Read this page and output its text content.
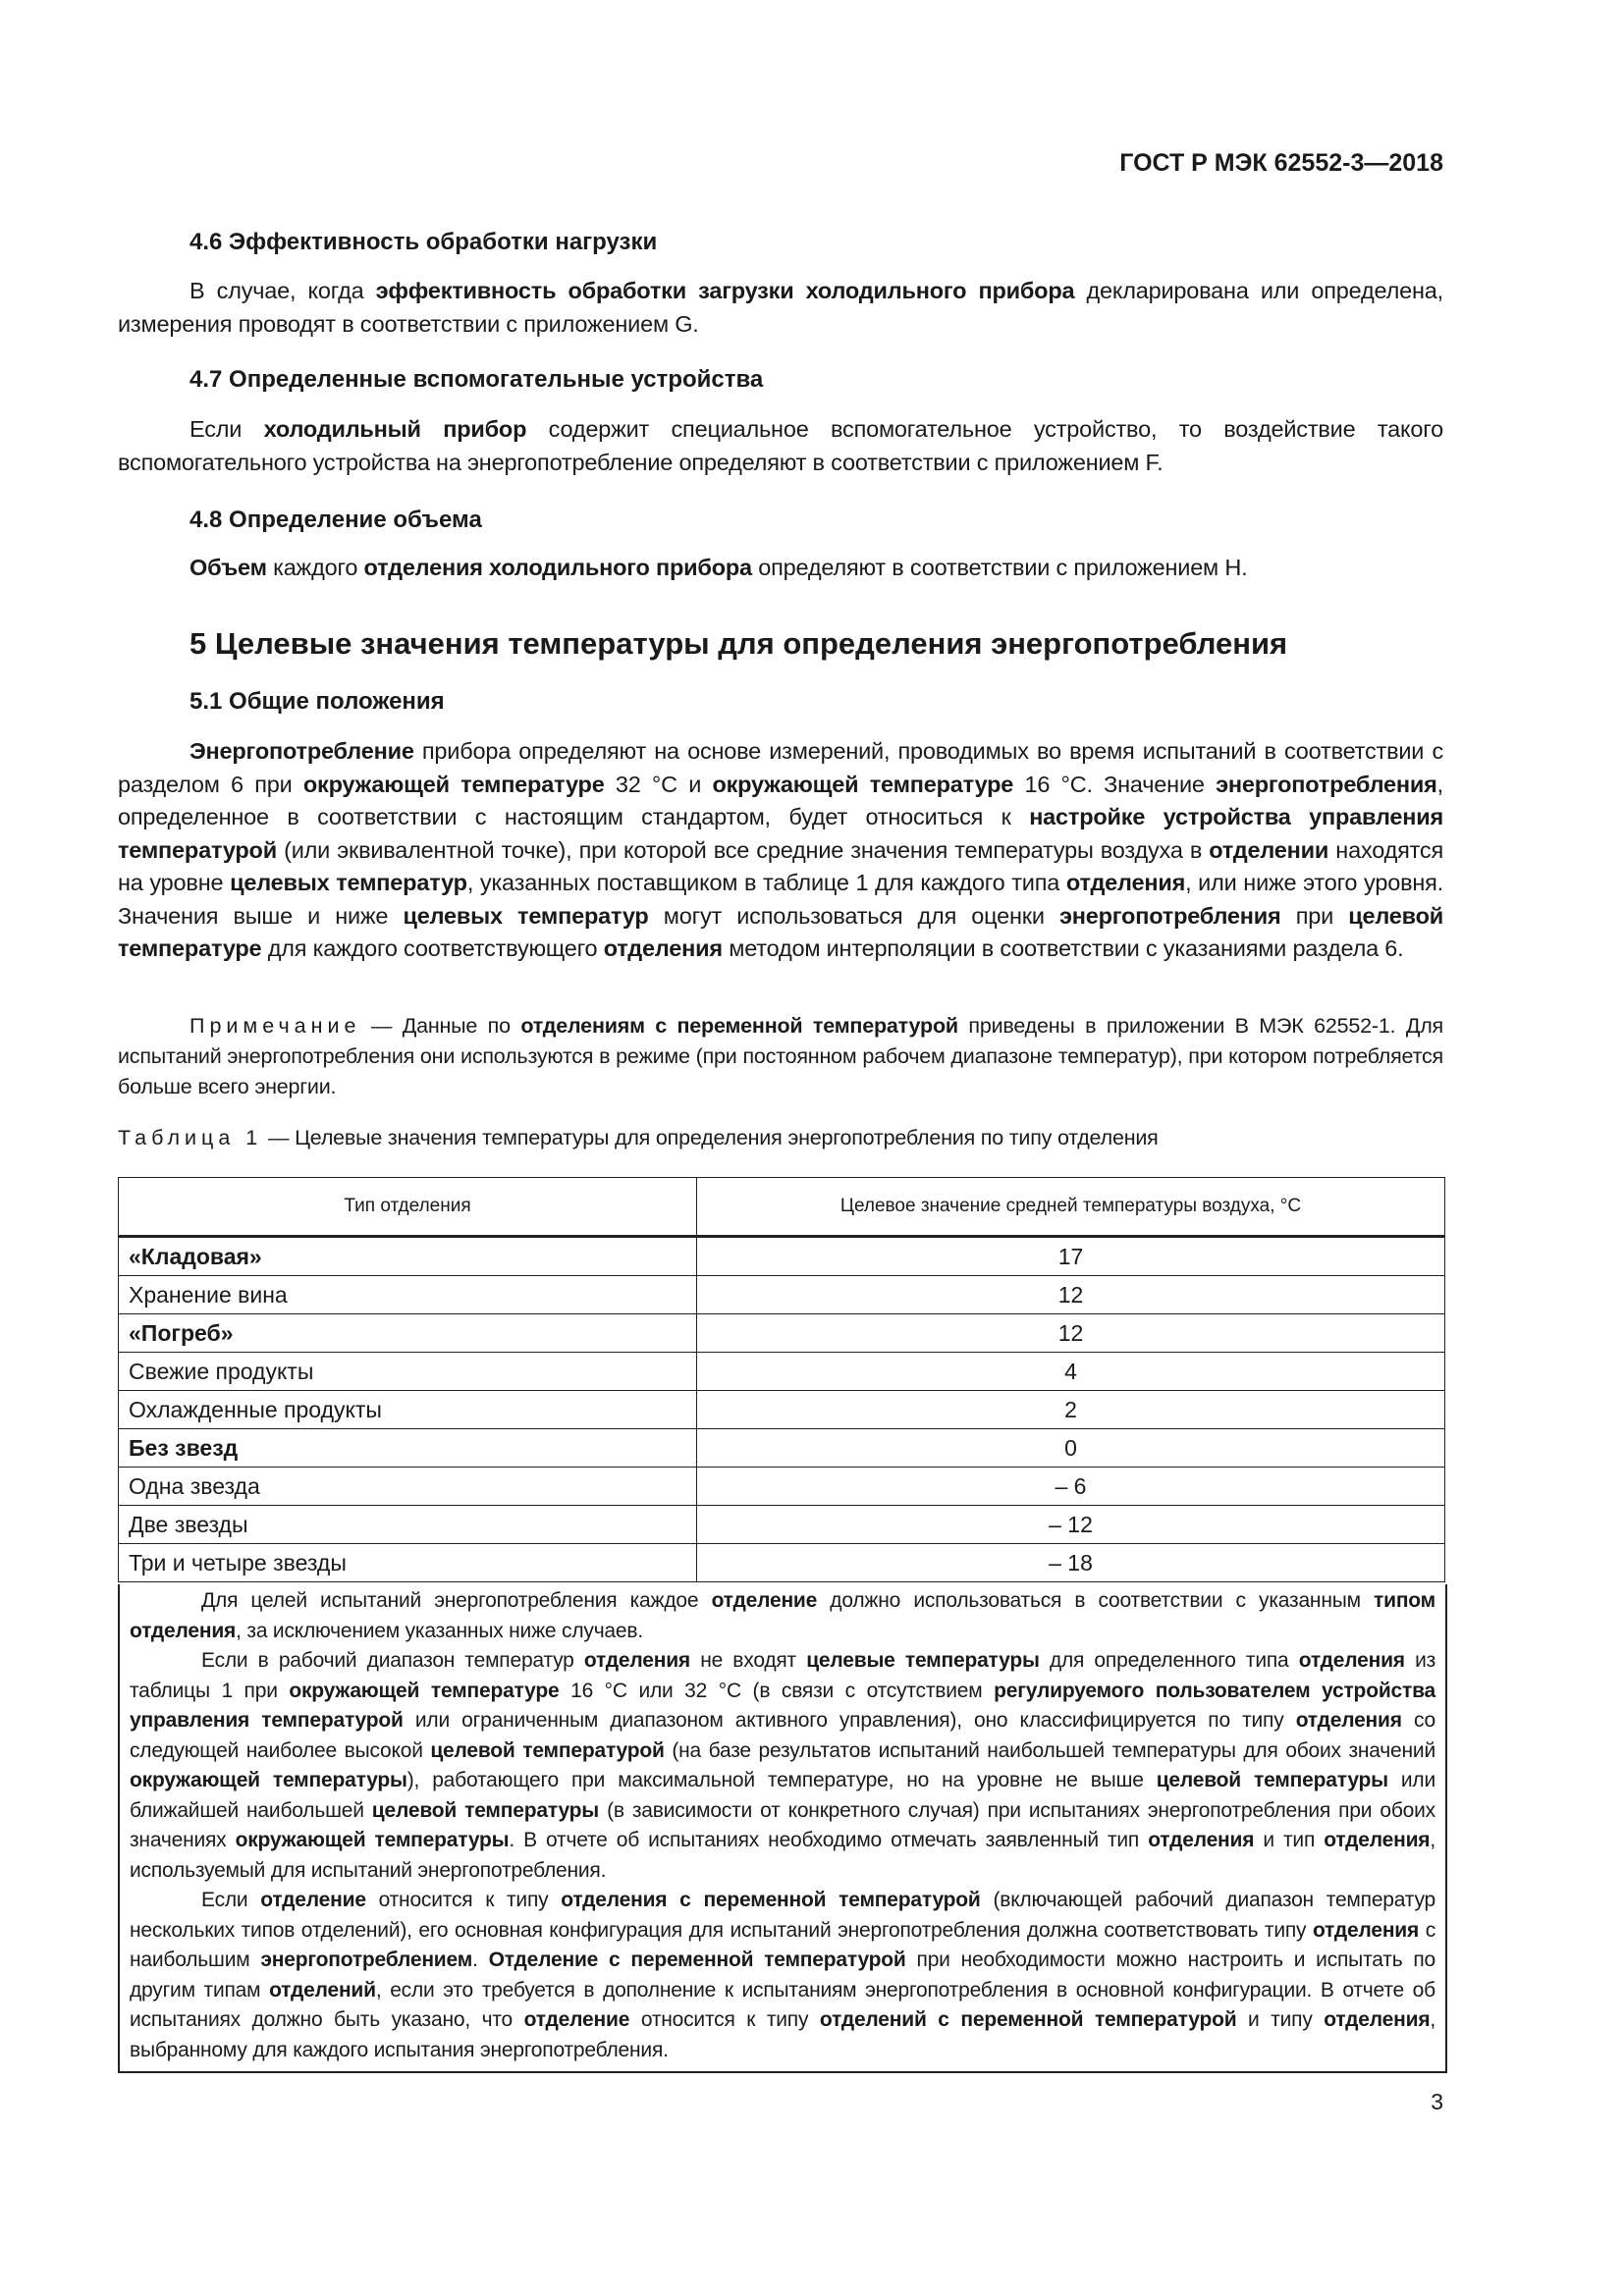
ГОСТ Р МЭК 62552-3—2018
4.6 Эффективность обработки нагрузки
В случае, когда эффективность обработки загрузки холодильного прибора декларирована или определена, измерения проводят в соответствии с приложением G.
4.7 Определенные вспомогательные устройства
Если холодильный прибор содержит специальное вспомогательное устройство, то воздействие такого вспомогательного устройства на энергопотребление определяют в соответствии с приложением F.
4.8 Определение объема
Объем каждого отделения холодильного прибора определяют в соответствии с приложением H.
5 Целевые значения температуры для определения энергопотребления
5.1 Общие положения
Энергопотребление прибора определяют на основе измерений, проводимых во время испытаний в соответствии с разделом 6 при окружающей температуре 32 °С и окружающей температуре 16 °С. Значение энергопотребления, определенное в соответствии с настоящим стандартом, будет относиться к настройке устройства управления температурой (или эквивалентной точке), при которой все средние значения температуры воздуха в отделении находятся на уровне целевых температур, указанных поставщиком в таблице 1 для каждого типа отделения, или ниже этого уровня. Значения выше и ниже целевых температур могут использоваться для оценки энергопотребления при целевой температуре для каждого соответствующего отделения методом интерполяции в соответствии с указаниями раздела 6.
Примечание — Данные по отделениям с переменной температурой приведены в приложении В МЭК 62552-1. Для испытаний энергопотребления они используются в режиме (при постоянном рабочем диапазоне температур), при котором потребляется больше всего энергии.
Таблица 1 — Целевые значения температуры для определения энергопотребления по типу отделения
Тип отделения	Целевое значение средней температуры воздуха, °С
«Кладовая»	17
Хранение вина	12
«Погреб»	12
Свежие продукты	4
Охлажденные продукты	2
Без звезд	0
Одна звезда	– 6
Две звезды	– 12
Три и четыре звезды	– 18
Для целей испытаний энергопотребления каждое отделение должно использоваться в соответствии с указанным типом отделения, за исключением указанных ниже случаев.
Если в рабочий диапазон температур отделения не входят целевые температуры для определенного типа отделения из таблицы 1 при окружающей температуре 16 °С или 32 °С (в связи с отсутствием регулируемого пользователем устройства управления температурой или ограниченным диапазоном активного управления), оно классифицируется по типу отделения со следующей наиболее высокой целевой температурой (на базе результатов испытаний наибольшей температуры для обоих значений окружающей температуры), работающего при максимальной температуре, но на уровне не выше целевой температуры или ближайшей наибольшей целевой температуры (в зависимости от конкретного случая) при испытаниях энергопотребления при обоих значениях окружающей температуры. В отчете об испытаниях необходимо отмечать заявленный тип отделения и тип отделения, используемый для испытаний энергопотребления.
Если отделение относится к типу отделения с переменной температурой (включающей рабочий диапазон температур нескольких типов отделений), его основная конфигурация для испытаний энергопотребления должна соответствовать типу отделения с наибольшим энергопотреблением. Отделение с переменной температурой при необходимости можно настроить и испытать по другим типам отделений, если это требуется в дополнение к испытаниям энергопотребления в основной конфигурации. В отчете об испытаниях должно быть указано, что отделение относится к типу отделений с переменной температурой и типу отделения, выбранному для каждого испытания энергопотребления.
3
